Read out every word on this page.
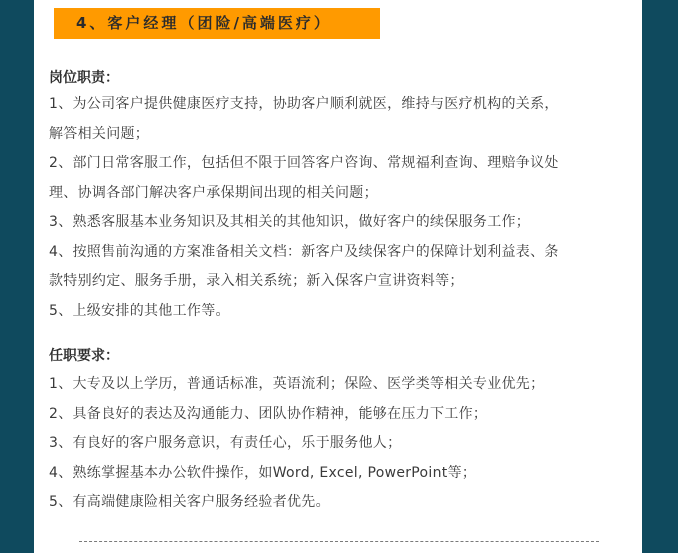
4、客户经理（团险/高端医疗）
岗位职责：
1、为公司客户提供健康医疗支持，协助客户顺利就医，维持与医疗机构的关系，
解答相关问题；
2、部门日常客服工作，包括但不限于回答客户咨询、常规福利查询、理赔争议处
理、协调各部门解决客户承保期间出现的相关问题；
3、熟悉客服基本业务知识及其相关的其他知识，做好客户的续保服务工作；
4、按照售前沟通的方案准备相关文档：新客户及续保客户的保障计划利益表、条
款特别约定、服务手册，录入相关系统；新入保客户宣讲资料等；
5、上级安排的其他工作等。
任职要求：
1、大专及以上学历，普通话标准，英语流利；保险、医学类等相关专业优先；
2、具备良好的表达及沟通能力、团队协作精神，能够在压力下工作；
3、有良好的客户服务意识，有责任心，乐于服务他人；
4、熟练掌握基本办公软件操作，如Word, Excel, PowerPoint等；
5、有高端健康险相关客户服务经验者优先。
